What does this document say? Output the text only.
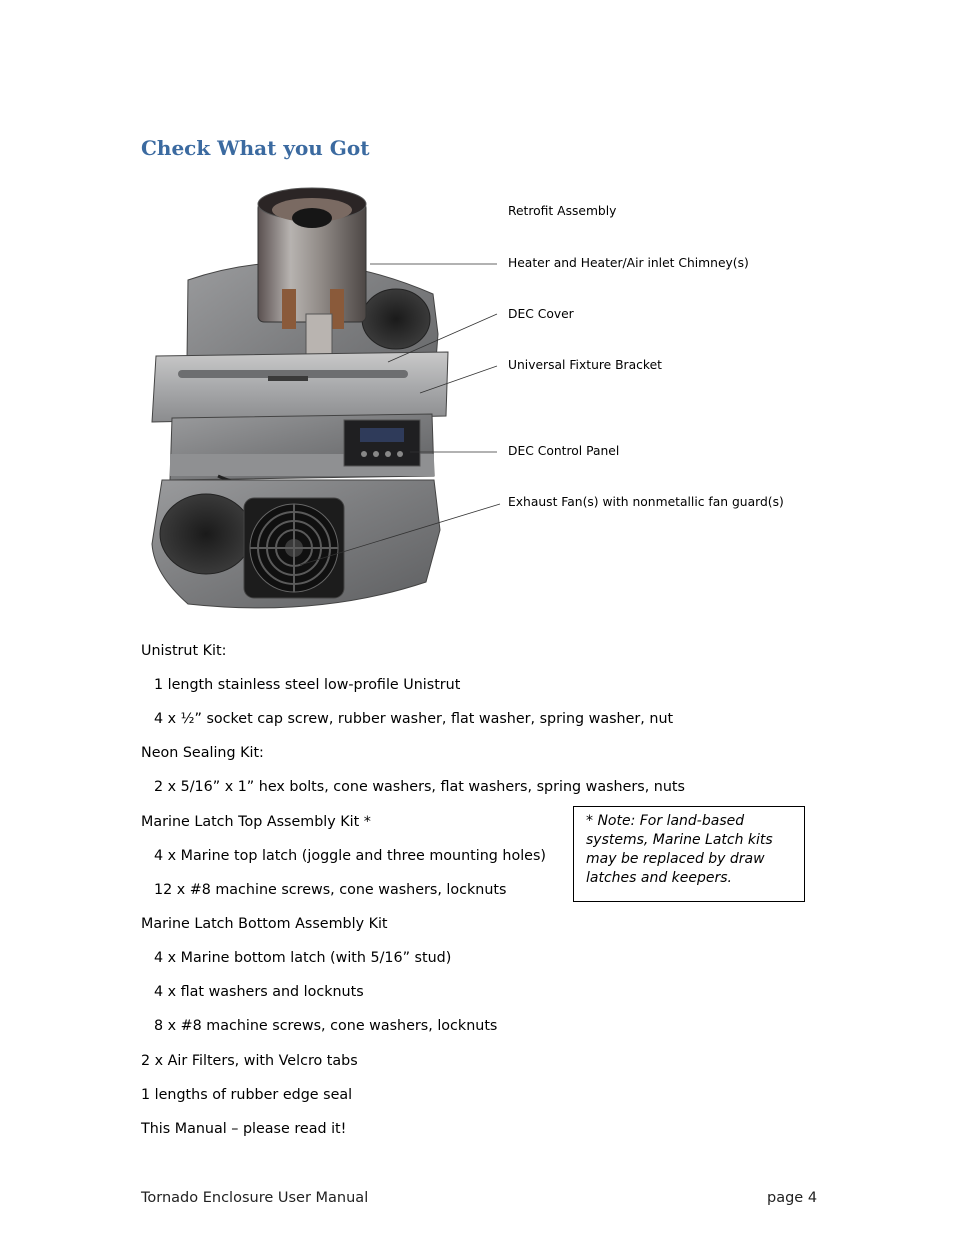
Check What you Got
Retrofit Assembly
Heater and Heater/Air inlet Chimney(s)
DEC Cover
Universal Fixture Bracket
DEC Control Panel
Exhaust Fan(s) with nonmetallic fan guard(s)
Unistrut Kit:
1 length stainless steel low-profile Unistrut
4 x ½” socket cap screw, rubber washer, flat washer, spring washer, nut
Neon Sealing Kit:
2 x 5/16” x 1” hex bolts, cone washers, flat washers, spring washers, nuts
Marine Latch Top Assembly Kit *
4 x Marine top latch (joggle and three mounting holes)
12 x #8 machine screws, cone washers, locknuts
Marine Latch Bottom Assembly Kit
4 x Marine bottom latch (with 5/16” stud)
4 x flat washers and locknuts
8 x #8 machine screws, cone washers, locknuts
2 x Air Filters, with Velcro tabs
1 lengths of rubber edge seal
This Manual – please read it!
* Note: For land-based systems, Marine Latch kits may be replaced by draw latches and keepers.
Tornado Enclosure User Manual	page 4
